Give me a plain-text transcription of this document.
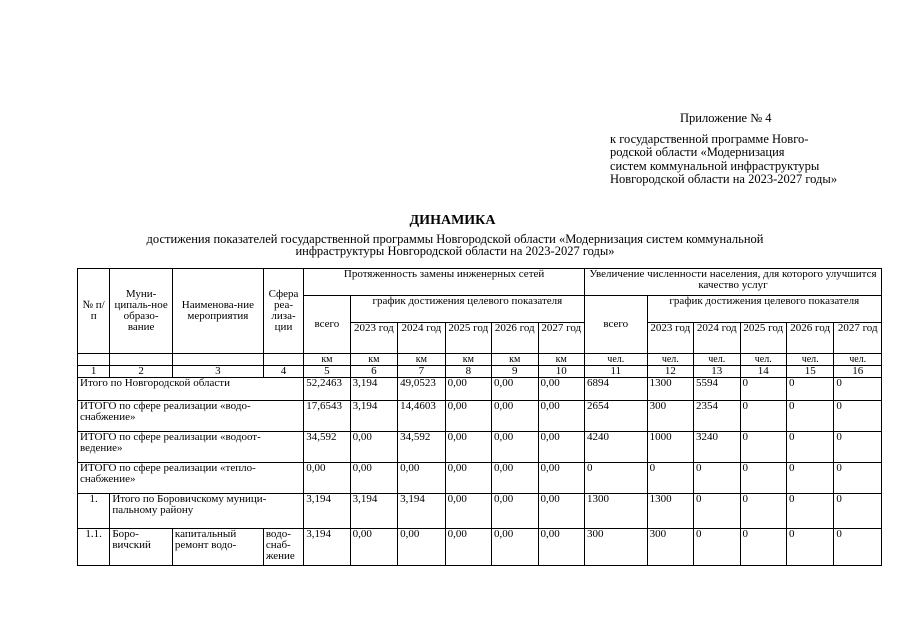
Приложение № 4
к государственной программе Новго-
родской области «Модернизация
систем коммунальной инфраструктуры
Новгородской области на 2023-2027 годы»
ДИНАМИКА
достижения показателей государственной программы Новгородской области «Модернизация систем коммунальной
инфраструктуры Новгородской области на 2023-2027 годы»
№ п/п	Муни-ципаль-ное образо-вание	Наименова-ние мероприятия	Сфера реа-лиза-ции	Протяженность замены инженерных сетей						Увеличение численности населения, для которого улучшится качество услуг					
				всего	график достижения целевого показателя					всего	график достижения целевого показателя				
					2023 год	2024 год	2025 год	2026 год	2027 год		2023 год	2024 год	2025 год	2026 год	2027 год
				км	км	км	км	км	км	чел.	чел.	чел.	чел.	чел.	чел.
1	2	3	4	5	6	7	8	9	10	11	12	13	14	15	16
Итого по Новгородской области				52,2463	3,194	49,0523	0,00	0,00	0,00	6894	1300	5594	0	0	0
ИТОГО по сфере реализации «водо-снабжение»				17,6543	3,194	14,4603	0,00	0,00	0,00	2654	300	2354	0	0	0
ИТОГО по сфере реализации «водоот-ведение»				34,592	0,00	34,592	0,00	0,00	0,00	4240	1000	3240	0	0	0
ИТОГО по сфере реализации «тепло-снабжение»				0,00	0,00	0,00	0,00	0,00	0,00	0	0	0	0	0	0
1.	Итого по Боровичскому муници-пальному району			3,194	3,194	3,194	0,00	0,00	0,00	1300	1300	0	0	0	0
1.1.	Боро-вичский	капитальный ремонт водо-	водо-снаб-жение	3,194	0,00	0,00	0,00	0,00	0,00	300	300	0	0	0	0
